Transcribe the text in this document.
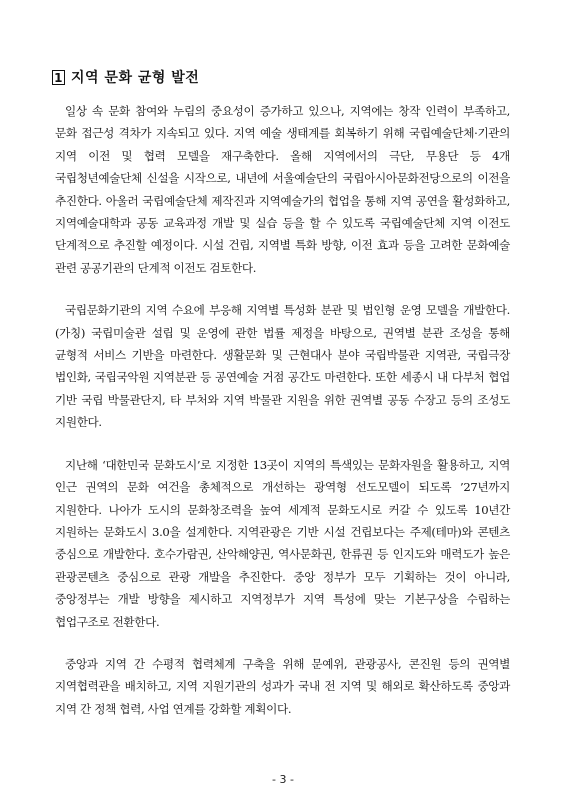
1 지역 문화 균형 발전

일상 속 문화 참여와 누림의 중요성이 증가하고 있으나, 지역에는 창작 인력이 부족하고, 문화 접근성 격차가 지속되고 있다. 지역 예술 생태계를 회복하기 위해 국립예술단체·기관의 지역 이전 및 협력 모델을 재구축한다. 올해 지역에서의 극단, 무용단 등 4개 국립청년예술단체 신설을 시작으로, 내년에 서울예술단의 국립아시아문화전당으로의 이전을 추진한다. 아울러 국립예술단체 제작진과 지역예술가의 협업을 통해 지역 공연을 활성화하고, 지역예술대학과 공동 교육과정 개발 및 실습 등을 할 수 있도록 국립예술단체 지역 이전도 단계적으로 추진할 예정이다. 시설 건립, 지역별 특화 방향, 이전 효과 등을 고려한 문화예술 관련 공공기관의 단계적 이전도 검토한다.

국립문화기관의 지역 수요에 부응해 지역별 특성화 분관 및 법인형 운영 모델을 개발한다. (가칭) 국립미술관 설립 및 운영에 관한 법률 제정을 바탕으로, 권역별 분관 조성을 통해 균형적 서비스 기반을 마련한다. 생활문화 및 근현대사 분야 국립박물관 지역관, 국립극장 법인화, 국립국악원 지역분관 등 공연예술 거점 공간도 마련한다. 또한 세종시 내 다부처 협업 기반 국립 박물관단지, 타 부처와 지역 박물관 지원을 위한 권역별 공동 수장고 등의 조성도 지원한다.

지난해 ‘대한민국 문화도시’로 지정한 13곳이 지역의 특색있는 문화자원을 활용하고, 지역 인근 권역의 문화 여건을 총체적으로 개선하는 광역형 선도모델이 되도록 ’27년까지 지원한다. 나아가 도시의 문화창조력을 높여 세계적 문화도시로 커갈 수 있도록 10년간 지원하는 문화도시 3.0을 설계한다. 지역관광은 기반 시설 건립보다는 주제(테마)와 콘텐츠 중심으로 개발한다. 호수가람권, 산악해양권, 역사문화권, 한류권 등 인지도와 매력도가 높은 관광콘텐츠 중심으로 관광 개발을 추진한다. 중앙 정부가 모두 기획하는 것이 아니라, 중앙정부는 개발 방향을 제시하고 지역정부가 지역 특성에 맞는 기본구상을 수립하는 협업구조로 전환한다.

중앙과 지역 간 수평적 협력체계 구축을 위해 문예위, 관광공사, 콘진원 등의 권역별 지역협력관을 배치하고, 지역 지원기관의 성과가 국내 전 지역 및 해외로 확산하도록 중앙과 지역 간 정책 협력, 사업 연계를 강화할 계획이다.

- 3 -
